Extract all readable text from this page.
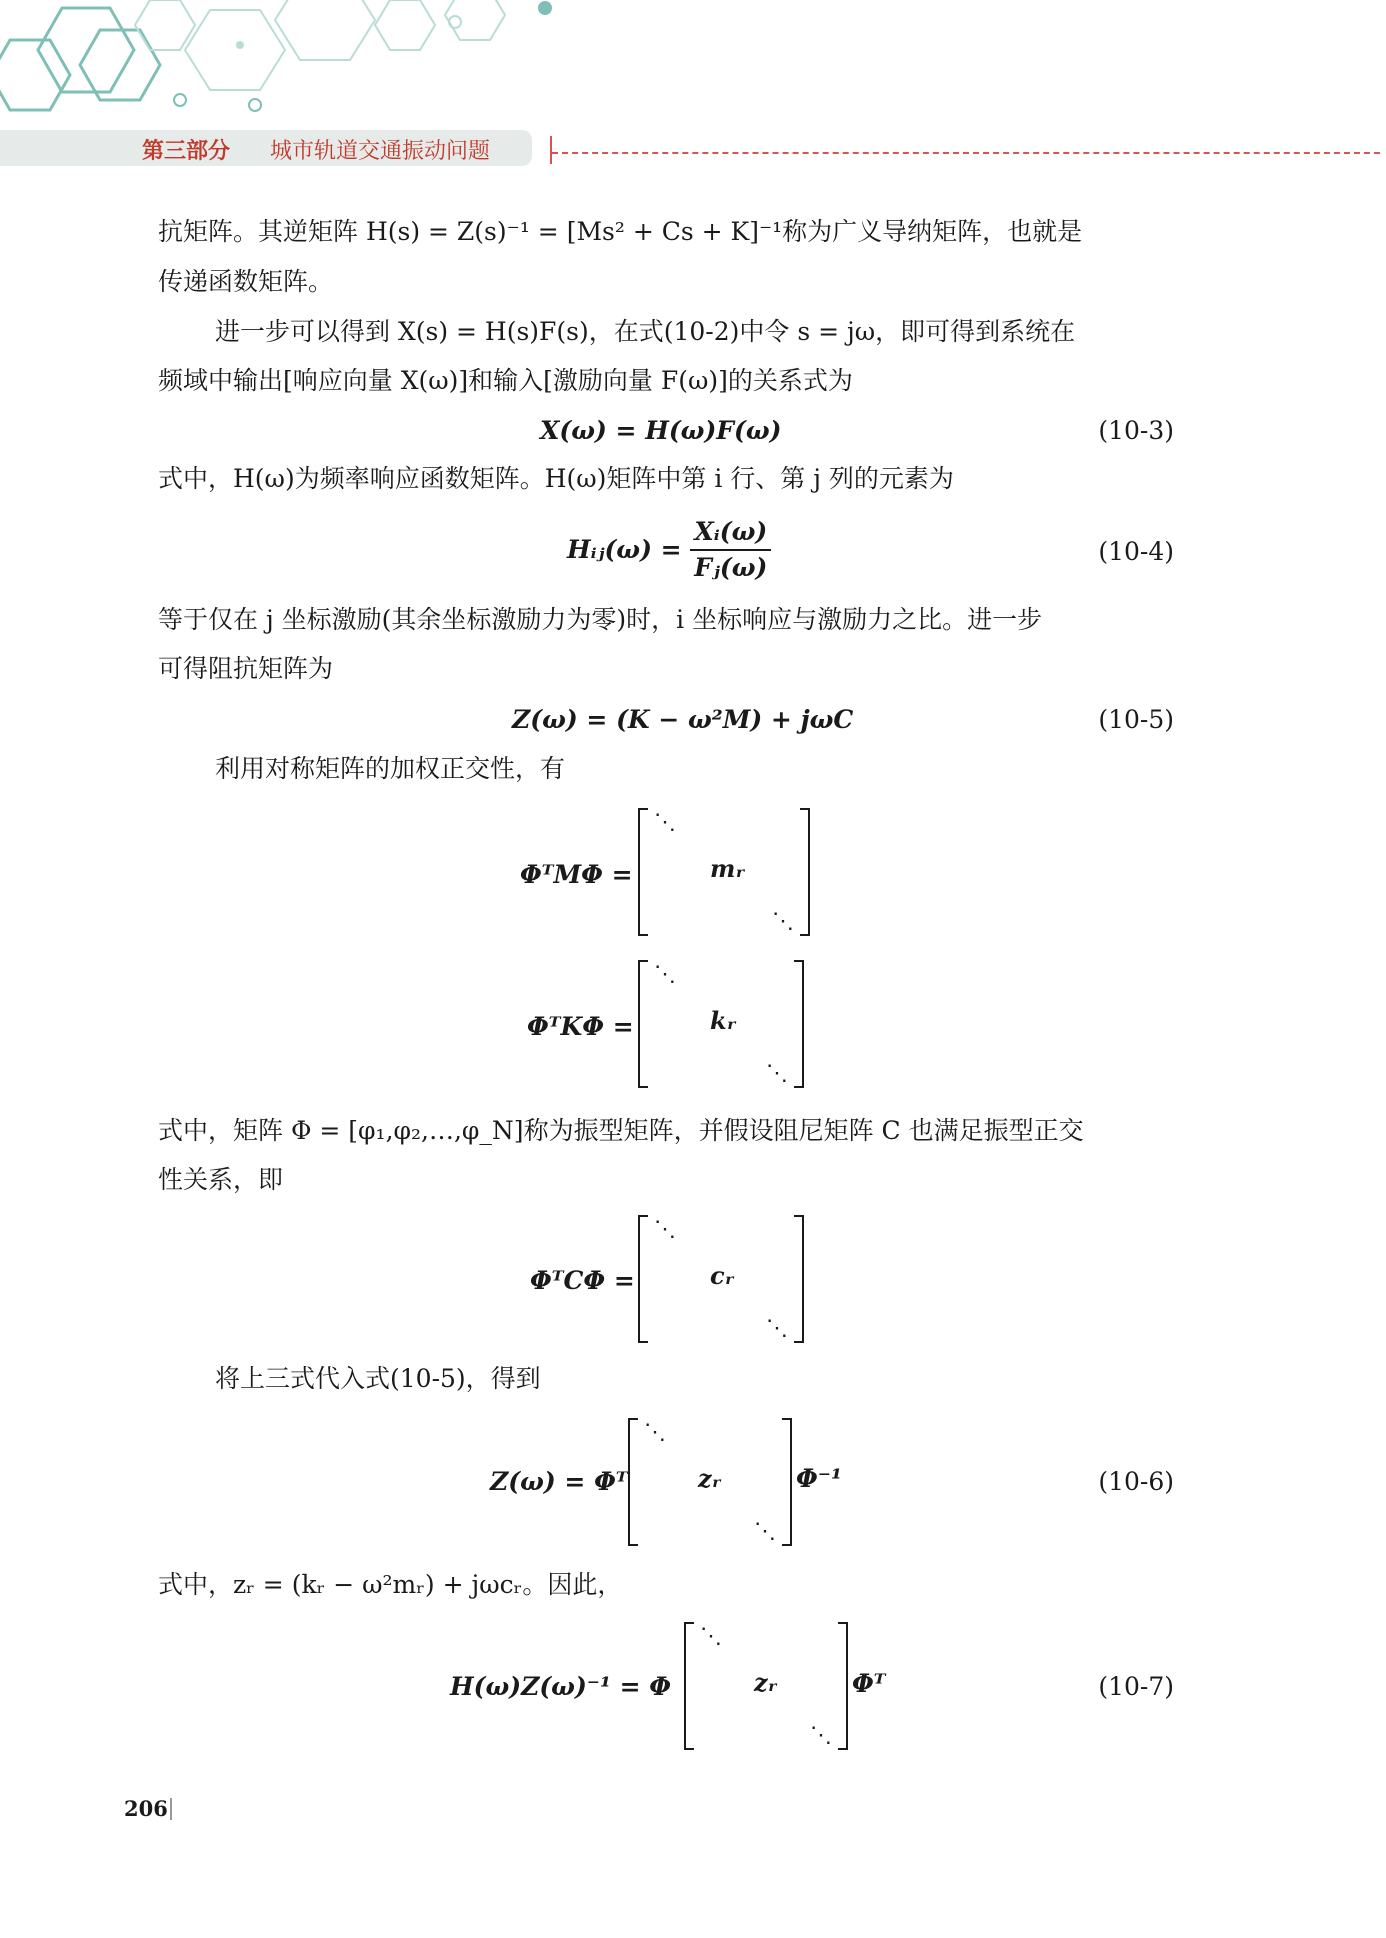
第三部分 城市轨道交通振动问题
抗矩阵。其逆矩阵 H(s) = Z(s)⁻¹ = [Ms² + Cs + K]⁻¹称为广义导纳矩阵，也就是
传递函数矩阵。
进一步可以得到 X(s) = H(s)F(s)，在式(10-2)中令 s = jω，即可得到系统在
频域中输出[响应向量 X(ω)]和输入[激励向量 F(ω)]的关系式为
X(ω) = H(ω)F(ω)	(10-3)
式中，H(ω)为频率响应函数矩阵。H(ω)矩阵中第 i 行、第 j 列的元素为
Hᵢⱼ(ω) = $\frac{\text{Xᵢ(ω)}}{\text{Fⱼ(ω)}}$	(10-4)
等于仅在 j 坐标激励(其余坐标激励力为零)时，i 坐标响应与激励力之比。进一步
可得阻抗矩阵为
Z(ω) = (K − ω²M) + jωC	(10-5)
利用对称矩阵的加权正交性，有
ΦᵀMΦ =
⋱
mᵣ
⋱
ΦᵀKΦ =
⋱
kᵣ
⋱
式中，矩阵 Φ = [φ₁,φ₂,…,φ_N]称为振型矩阵，并假设阻尼矩阵 C 也满足振型正交
性关系，即
ΦᵀCΦ =
⋱
cᵣ
⋱
将上三式代入式(10-5)，得到
Z(ω) = Φᵀ
⋱
zᵣ
⋱
Φ⁻¹	(10-6)
式中，zᵣ = (kᵣ − ω²mᵣ) + jωcᵣ。因此，
H(ω)Z(ω)⁻¹ = Φ
⋱
zᵣ
⋱
Φᵀ	(10-7)
206
